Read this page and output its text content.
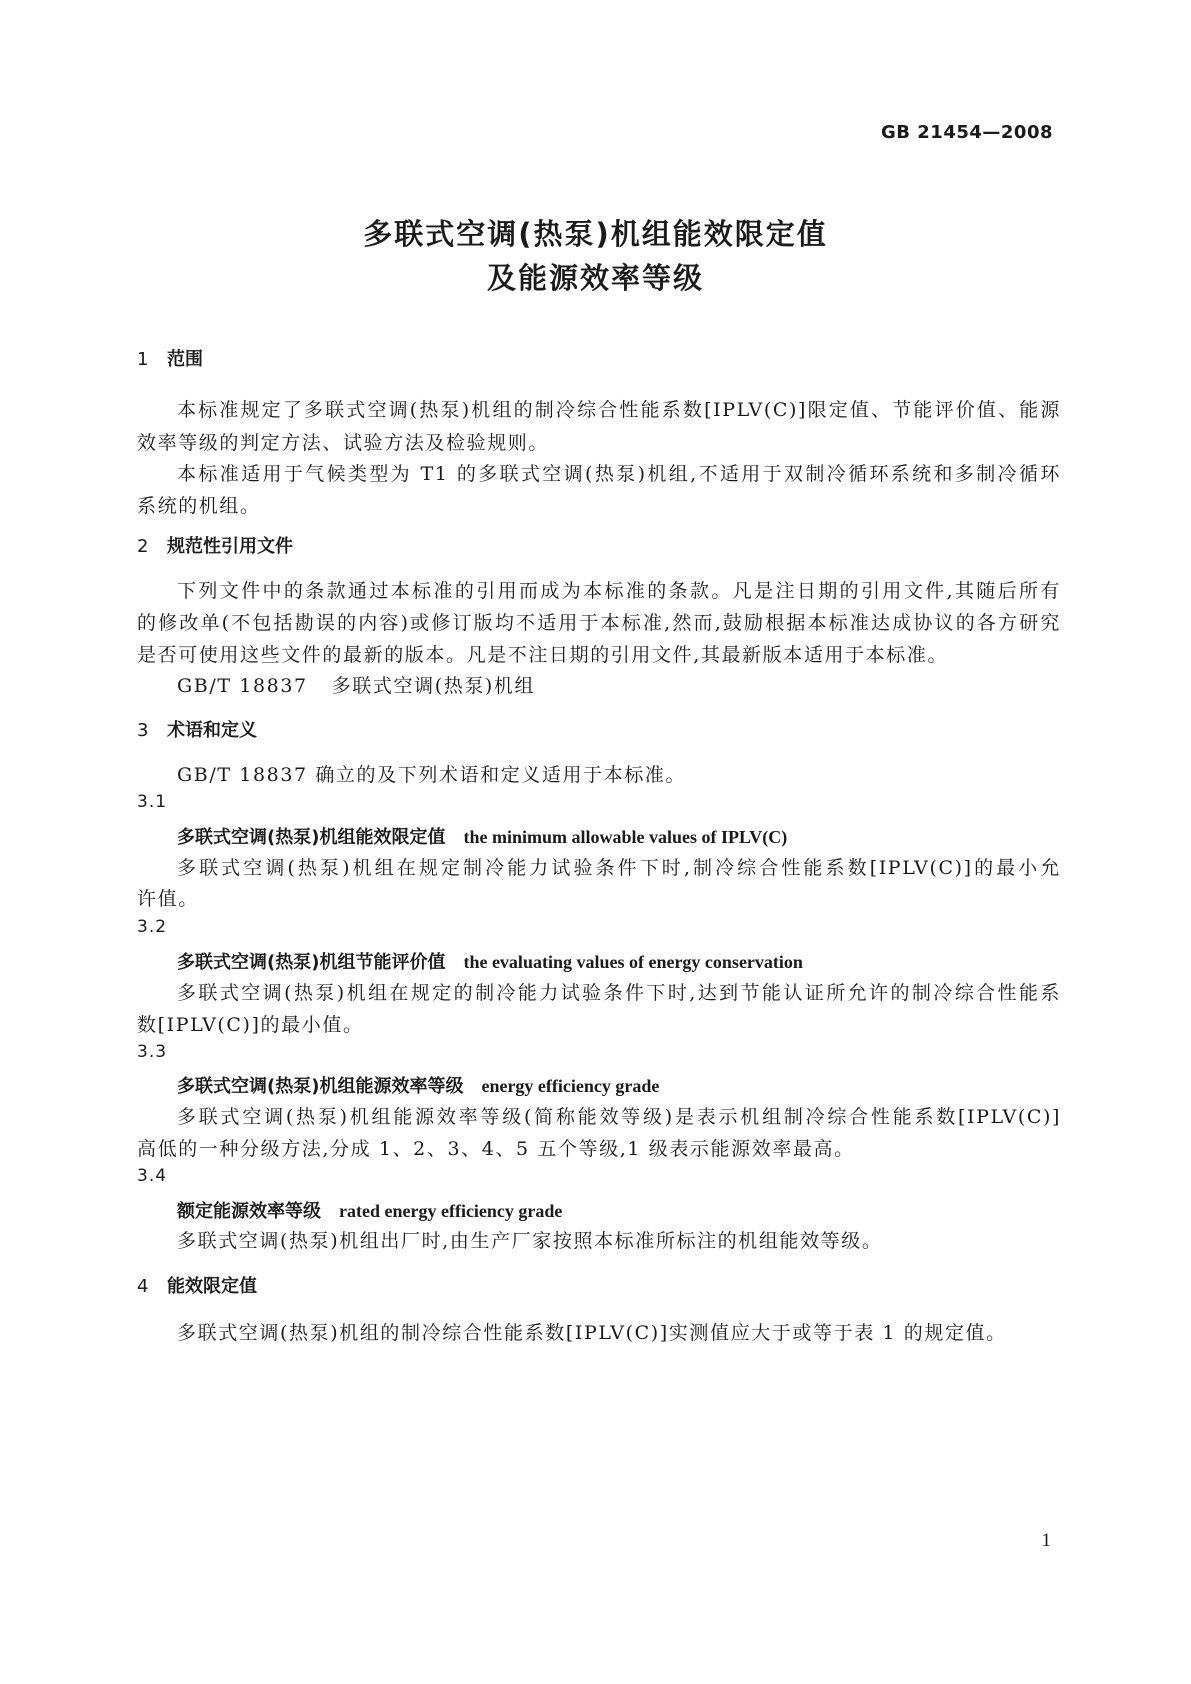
GB 21454—2008
多联式空调(热泵)机组能效限定值
及能源效率等级
1 范围
本标准规定了多联式空调(热泵)机组的制冷综合性能系数[IPLV(C)]限定值、节能评价值、能源
效率等级的判定方法、试验方法及检验规则。
本标准适用于气候类型为 T1 的多联式空调(热泵)机组,不适用于双制冷循环系统和多制冷循环
系统的机组。
2 规范性引用文件
下列文件中的条款通过本标准的引用而成为本标准的条款。凡是注日期的引用文件,其随后所有
的修改单(不包括勘误的内容)或修订版均不适用于本标准,然而,鼓励根据本标准达成协议的各方研究
是否可使用这些文件的最新的版本。凡是不注日期的引用文件,其最新版本适用于本标准。
GB/T 18837 多联式空调(热泵)机组
3 术语和定义
GB/T 18837 确立的及下列术语和定义适用于本标准。
3.1
多联式空调(热泵)机组能效限定值 the minimum allowable values of IPLV(C)
多联式空调(热泵)机组在规定制冷能力试验条件下时,制冷综合性能系数[IPLV(C)]的最小允
许值。
3.2
多联式空调(热泵)机组节能评价值 the evaluating values of energy conservation
多联式空调(热泵)机组在规定的制冷能力试验条件下时,达到节能认证所允许的制冷综合性能系
数[IPLV(C)]的最小值。
3.3
多联式空调(热泵)机组能源效率等级 energy efficiency grade
多联式空调(热泵)机组能源效率等级(简称能效等级)是表示机组制冷综合性能系数[IPLV(C)]
高低的一种分级方法,分成 1、2、3、4、5 五个等级,1 级表示能源效率最高。
3.4
额定能源效率等级 rated energy efficiency grade
多联式空调(热泵)机组出厂时,由生产厂家按照本标准所标注的机组能效等级。
4 能效限定值
多联式空调(热泵)机组的制冷综合性能系数[IPLV(C)]实测值应大于或等于表 1 的规定值。
1
